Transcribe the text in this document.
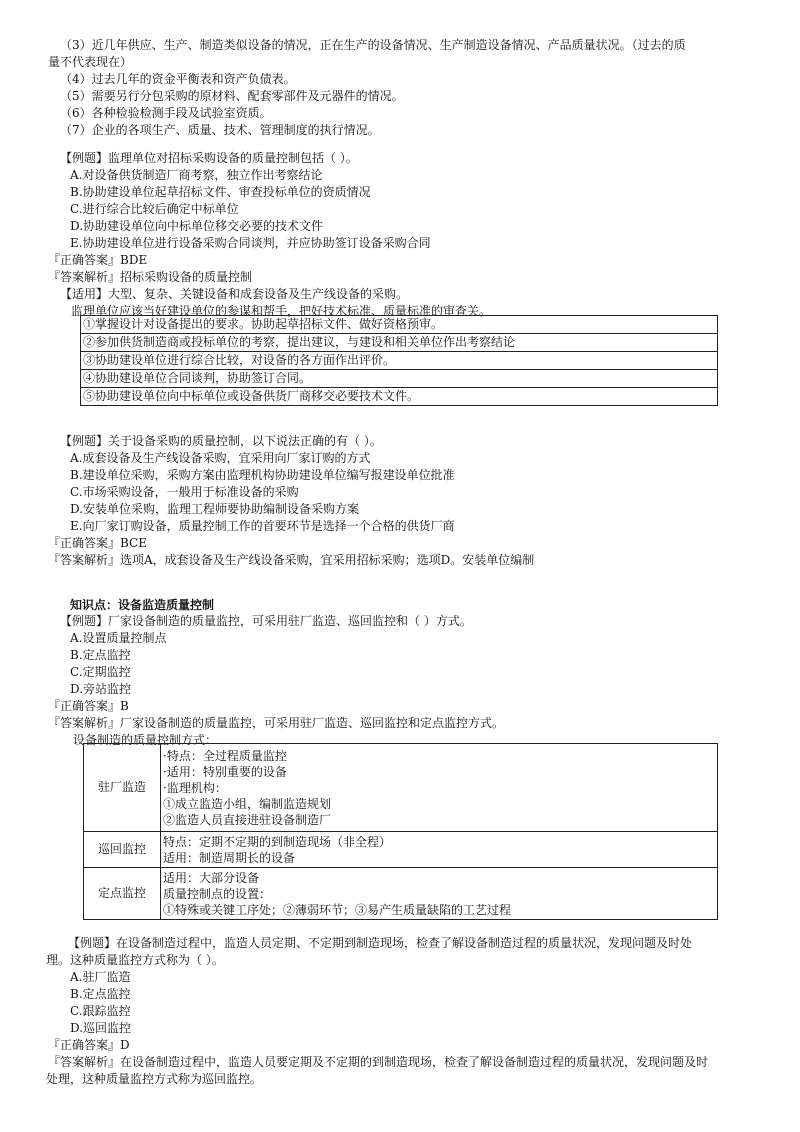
（3）近几年供应、生产、制造类似设备的情况，正在生产的设备情况、生产制造设备情况、产品质量状况。（过去的质
量不代表现在）
（4）过去几年的资金平衡表和资产负债表。
（5）需要另行分包采购的原材料、配套零部件及元器件的情况。
（6）各种检验检测手段及试验室资质。
（7）企业的各项生产、质量、技术、管理制度的执行情况。
【例题】监理单位对招标采购设备的质量控制包括（ ）。
A.对设备供货制造厂商考察，独立作出考察结论
B.协助建设单位起草招标文件、审查投标单位的资质情况
C.进行综合比较后确定中标单位
D.协助建设单位向中标单位移交必要的技术文件
E.协助建设单位进行设备采购合同谈判，并应协助签订设备采购合同
『正确答案』BDE
『答案解析』招标采购设备的质量控制
【适用】大型、复杂、关键设备和成套设备及生产线设备的采购。
监理单位应该当好建设单位的参谋和帮手，把好技术标准、质量标准的审查关。
①掌握设计对设备提出的要求。协助起草招标文件、做好资格预审。
②参加供货制造商或投标单位的考察，提出建议，与建设和相关单位作出考察结论
③协助建设单位进行综合比较，对设备的各方面作出评价。
④协助建设单位合同谈判，协助签订合同。
⑤协助建设单位向中标单位或设备供货厂商移交必要技术文件。
【例题】关于设备采购的质量控制，以下说法正确的有（ ）。
A.成套设备及生产线设备采购，宜采用向厂家订购的方式
B.建设单位采购，采购方案由监理机构协助建设单位编写报建设单位批准
C.市场采购设备，一般用于标准设备的采购
D.安装单位采购，监理工程师要协助编制设备采购方案
E.向厂家订购设备，质量控制工作的首要环节是选择一个合格的供货厂商
『正确答案』BCE
『答案解析』选项A，成套设备及生产线设备采购，宜采用招标采购；选项D。安装单位编制
知识点：设备监造质量控制
【例题】厂家设备制造的质量监控，可采用驻厂监造、巡回监控和（ ）方式。
A.设置质量控制点
B.定点监控
C.定期监控
D.旁站监控
『正确答案』B
『答案解析』厂家设备制造的质量监控，可采用驻厂监造、巡回监控和定点监控方式。
设备制造的质量控制方式：
驻厂监造	·特点：全过程质量监控
·适用：特别重要的设备
·监理机构：
①成立监造小组，编制监造规划
②监造人员直接进驻设备制造厂

巡回监控	特点：定期不定期的到制造现场（非全程）
适用：制造周期长的设备

定点监控	适用：大部分设备
质量控制点的设置：
①特殊或关键工序处；②薄弱环节；③易产生质量缺陷的工艺过程
【例题】在设备制造过程中，监造人员定期、不定期到制造现场，检查了解设备制造过程的质量状况，发现问题及时处
理。这种质量监控方式称为（ ）。
A.驻厂监造
B.定点监控
C.跟踪监控
D.巡回监控
『正确答案』D
『答案解析』在设备制造过程中，监造人员要定期及不定期的到制造现场，检查了解设备制造过程的质量状况，发现问题及时
处理，这种质量监控方式称为巡回监控。
